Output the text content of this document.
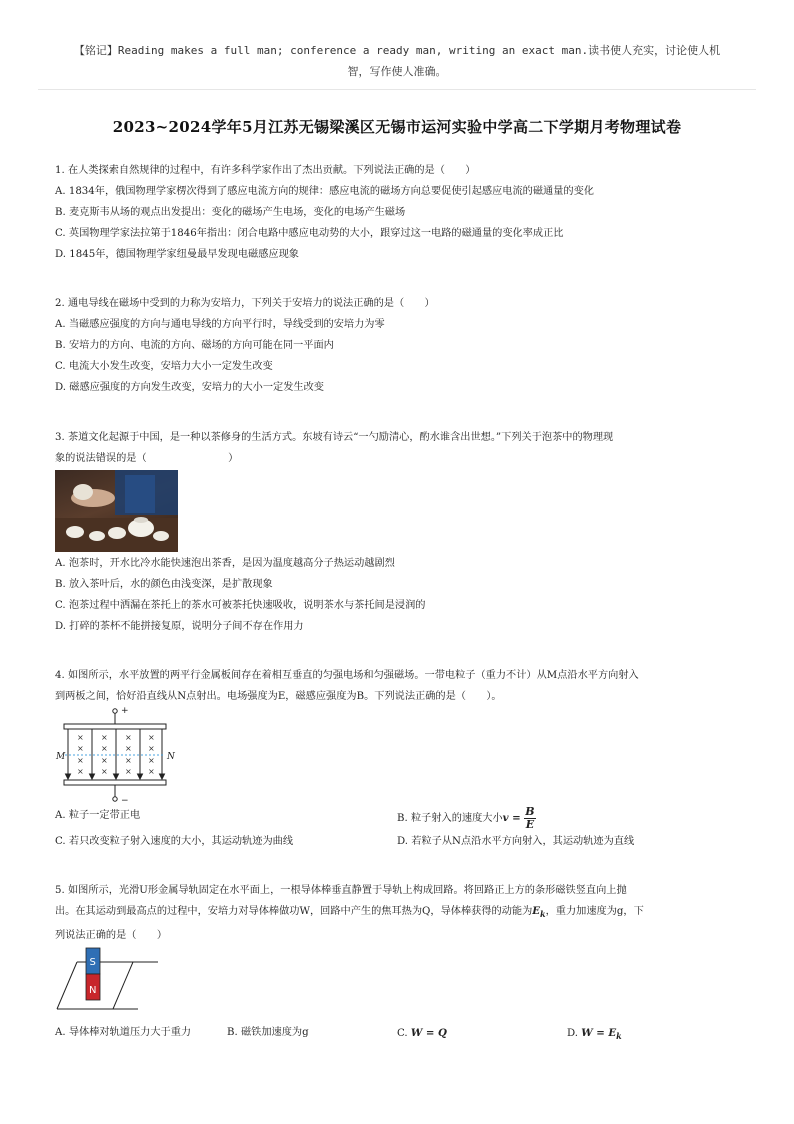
【铭记】Reading makes a full man; conference a ready man, writing an exact man.读书使人充实，讨论使人机
智，写作使人准确。
2023~2024学年5月江苏无锡梁溪区无锡市运河实验中学高二下学期月考物理试卷

1. 在人类探索自然规律的过程中，有许多科学家作出了杰出贡献。下列说法正确的是（　　）

A. 1834年，俄国物理学家楞次得到了感应电流方向的规律：感应电流的磁场方向总要促使引起感应电流的磁通量的变化

B. 麦克斯韦从场的观点出发提出：变化的磁场产生电场，变化的电场产生磁场

C. 英国物理学家法拉第于1846年指出：闭合电路中感应电动势的大小，跟穿过这一电路的磁通量的变化率成正比

D. 1845年，德国物理学家纽曼最早发现电磁感应现象

2. 通电导线在磁场中受到的力称为安培力，下列关于安培力的说法正确的是（　　）

A. 当磁感应强度的方向与通电导线的方向平行时，导线受到的安培力为零

B. 安培力的方向、电流的方向、磁场的方向可能在同一平面内

C. 电流大小发生改变，安培力大小一定发生改变

D. 磁感应强度的方向发生改变，安培力的大小一定发生改变

3. 茶道文化起源于中国，是一种以茶修身的生活方式。东坡有诗云“一勺励清心，酌水谁含出世想。”下列关于泡茶中的物理现

象的说法错误的是（　　　　　　　　）

A. 泡茶时，开水比冷水能快速泡出茶香，是因为温度越高分子热运动越剧烈

B. 放入茶叶后，水的颜色由浅变深，是扩散现象

C. 泡茶过程中洒漏在茶托上的茶水可被茶托快速吸收，说明茶水与茶托间是浸润的

D. 打碎的茶杯不能拼接复原，说明分子间不存在作用力

4. 如图所示，水平放置的两平行金属板间存在着相互垂直的匀强电场和匀强磁场。一带电粒子（重力不计）从M点沿水平方向射入

到两板之间，恰好沿直线从N点射出。电场强度为E，磁感应强度为B。下列说法正确的是（　　）。

+
−
× × × ×
× × × ×
× × × ×
× × × ×
M	N
A. 粒子一定带正电	B. 粒子射入的速度大小$v = \frac{B}{E}$
C. 若只改变粒子射入速度的大小，其运动轨迹为曲线	D. 若粒子从N点沿水平方向射入，其运动轨迹为直线

5. 如图所示，光滑U形金属导轨固定在水平面上，一根导体棒垂直静置于导轨上构成回路。将回路正上方的条形磁铁竖直向上抛

出。在其运动到最高点的过程中，安培力对导体棒做功W，回路中产生的焦耳热为Q，导体棒获得的动能为$E_k$，重力加速度为g，下

列说法正确的是（　　）

S
N
A. 导体棒对轨道压力大于重力	B. 磁铁加速度为g	C. W = Q	D. $W = E_k$
